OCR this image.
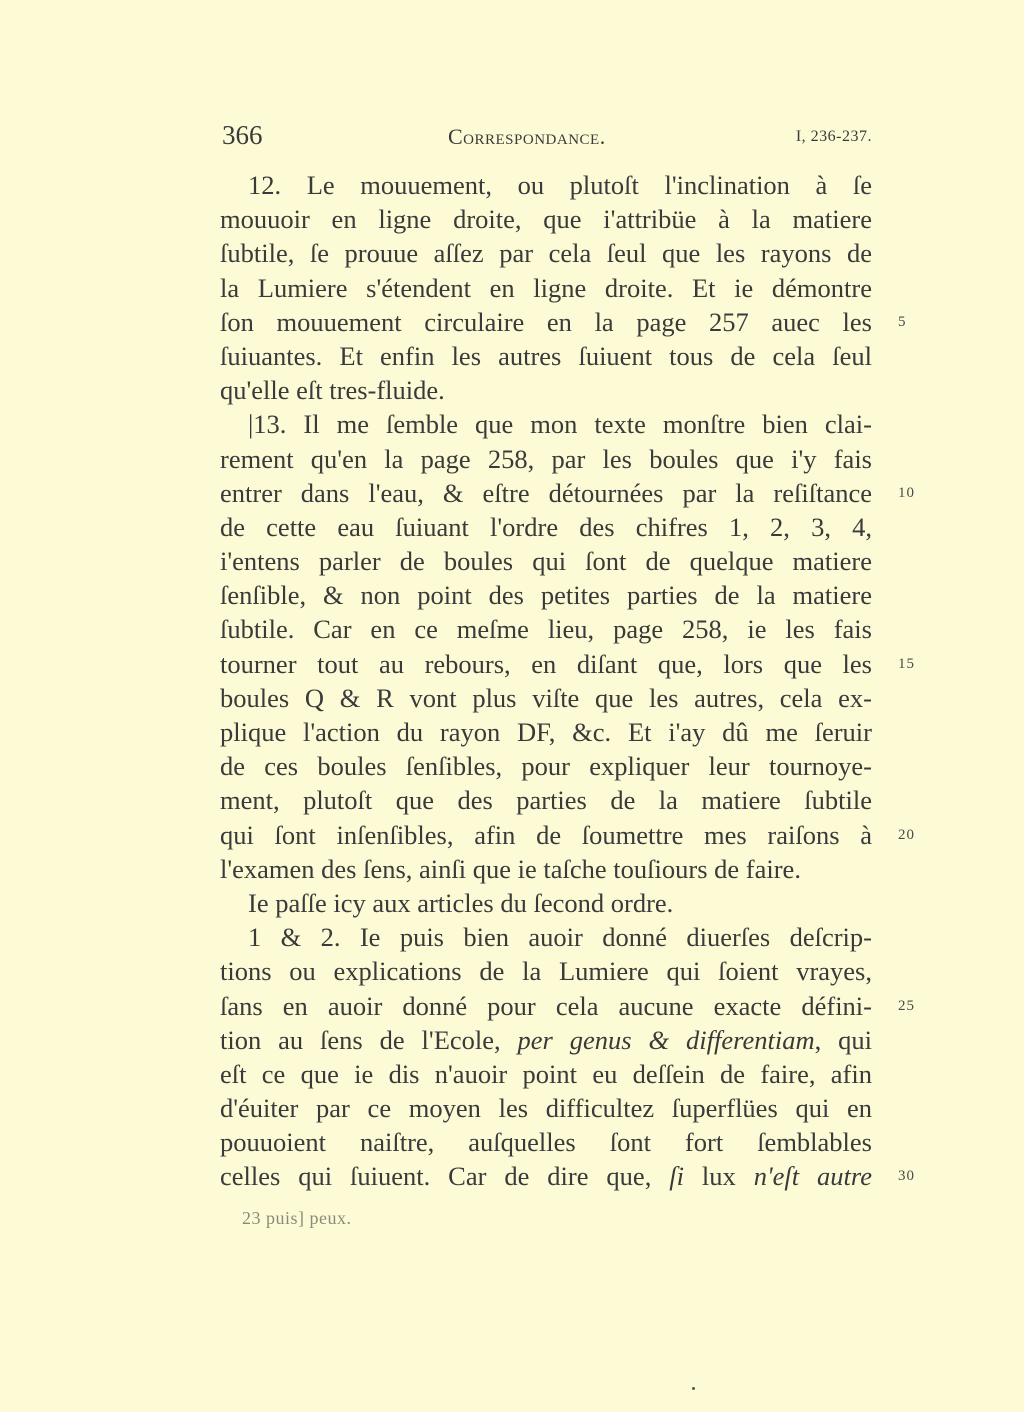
366	Correspondance.	I, 236-237.
12. Le mouuement, ou plutoſt l'inclination à ſe
mouuoir en ligne droite, que i'attribüe à la matiere
ſubtile, ſe prouue aſſez par cela ſeul que les rayons de
la Lumiere s'étendent en ligne droite. Et ie démontre
ſon mouuement circulaire en la page 257 auec les 5
ſuiuantes. Et enfin les autres ſuiuent tous de cela ſeul
qu'elle eſt tres-fluide.
|13. Il me ſemble que mon texte monſtre bien clai-
rement qu'en la page 258, par les boules que i'y fais
entrer dans l'eau, & eſtre détournées par la reſiſtance 10
de cette eau ſuiuant l'ordre des chifres 1, 2, 3, 4,
i'entens parler de boules qui ſont de quelque matiere
ſenſible, & non point des petites parties de la matiere
ſubtile. Car en ce meſme lieu, page 258, ie les fais
tourner tout au rebours, en diſant que, lors que les 15
boules Q & R vont plus viſte que les autres, cela ex-
plique l'action du rayon DF, &c. Et i'ay dû me ſeruir
de ces boules ſenſibles, pour expliquer leur tournoye-
ment, plutoſt que des parties de la matiere ſubtile
qui ſont inſenſibles, afin de ſoumettre mes raiſons à 20
l'examen des ſens, ainſi que ie taſche touſiours de faire.
Ie paſſe icy aux articles du ſecond ordre.
1 & 2. Ie puis bien auoir donné diuerſes deſcrip-
tions ou explications de la Lumiere qui ſoient vrayes,
ſans en auoir donné pour cela aucune exacte défini- 25
tion au ſens de l'Ecole, per genus & differentiam, qui
eſt ce que ie dis n'auoir point eu deſſein de faire, afin
d'éuiter par ce moyen les difficultez ſuperflües qui en
pouuoient naiſtre, auſquelles ſont fort ſemblables
celles qui ſuiuent. Car de dire que, ſi lux n'eſt autre 30
23 puis] peux.
